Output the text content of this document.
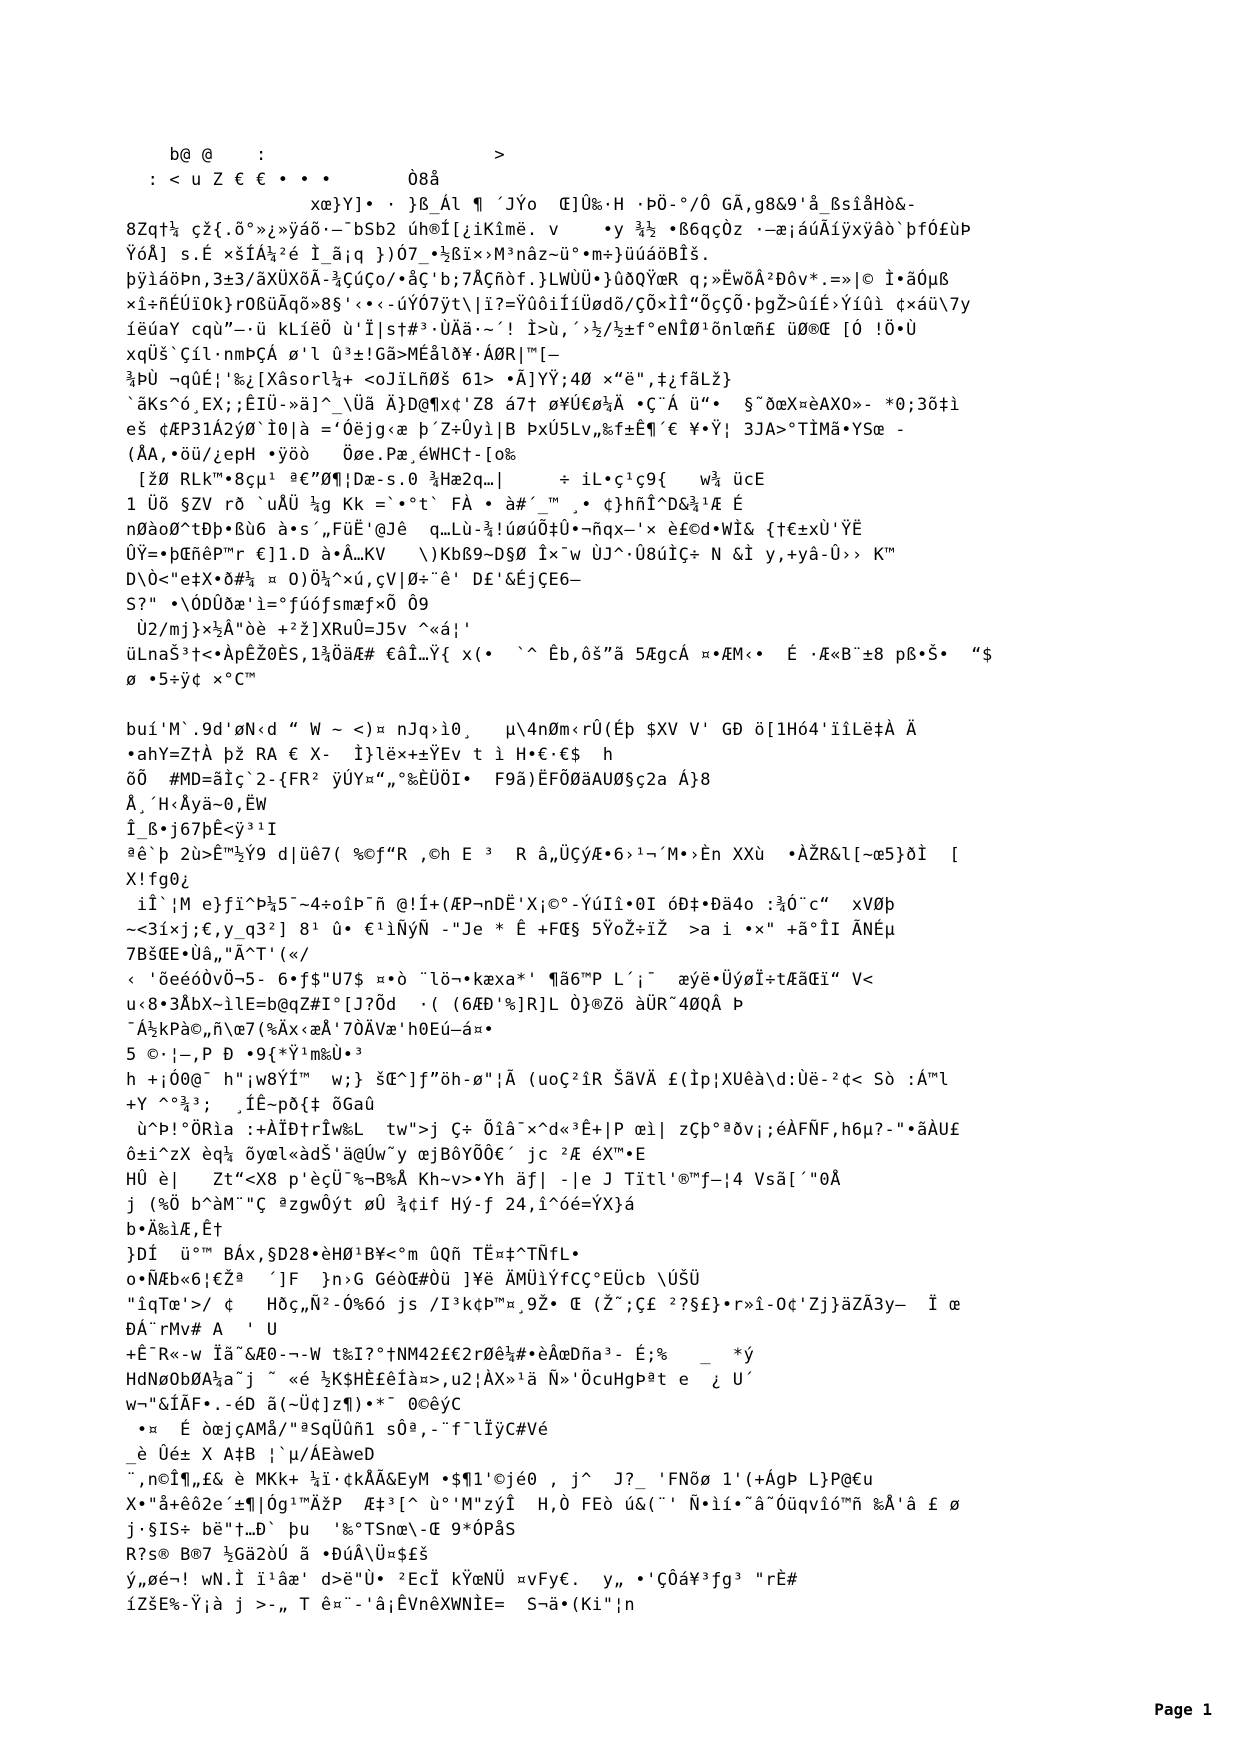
b@ @    :                     >
: < u Z € € • • •       Ò8å
xœ}Y]• · }ß_Ál ¶ ´JÝo  Œ]Û‰·H ·ÞÖ-°/Ô GÃ,g8&9'å_ßsîåHò&-
8Zq†¼ çž{.õ°»¿»ÿáõ·–¯bSb2 úh®Í[¿iKîmë. v    •y ¾½ •ß6qçÒz ·–æ¡áúÃíÿxÿâò`þfÓ£ùÞ
ŸóÅ] s.É ×šÍÁ¼²é Ì_ã¡q })Ó7_•½ßï×›M³nâz~ü°•m÷}üúáöBÎš.
þÿìáöÞn,3±3/ãXÜXõÃ-¾ÇúÇo/•åÇ'b;7ÅÇñòf.}LWÙÜ•}ûðQŸœR q;»ËwõÂ²Ðôv*.=»|© Ì•ãÓµß
×î÷ñÉÚïOk}rOßüÃqõ»8§'‹•‹-úÝÓ7ÿt\|ï?=ŸûôiÍíÜødõ/ÇÕ×ÌÎ“ÕçÇÕ·þgŽ>ûíÉ›Ýíûì ¢×áü\7y
íëúaY cqù”–·ü kLíëÖ ù'Ï|s†#³·ÙÄä·~´! Ì>ù,´›½/½±f°eNÎØ¹õnlœñ£ üØ®Œ [Ó !Ö•Ù
xqÜš`Çíl·nmÞÇÁ ø'l û³±!Gã>MÉålð¥·ÁØR|™[—
¾ÞÙ ¬qûÉ¦'‰¿[Xâsorl¼+ <oJïLñØš 61> •Ã]YŸ;4Ø ×“ë",‡¿fãLž}
`ãKs^ó¸EX;;ÊIÜ-»ä]^_\Üã Ä}D@¶x¢'Z8 á7† ø¥Ú€ø¼Ä •Ç¨Á ü“•  §˜ðœX¤èAXO»- *0;3õ‡ì
eš ¢ÆP31Á2ýØ`Ì0|à =‘Óëjg‹æ þ´Z÷Ûyì|B ÞxÚ5Lv„‰f±Ê¶´€ ¥•Ÿ¦ 3JA>°TÌMã•YSœ -
(ÅA,•öü/¿epH •ÿöò   Öøe.Pæ¸éWHC†-[o‰
[žØ RLk™•8çµ¹ ª€”Ø¶¦Dæ-s.0 ¾Hæ2q…|     ÷ iL•ç¹ç9{   w¾ ücE
1 Üõ §ZV rð `uÅÜ ¼g Kk =`•°t` FÀ • à#´_™ ¸• ¢}hñÎ^D&¾¹Æ É
nØàoØ^tÐþ•ßù6 à•s´„FüË'@Jê  q…Lù-¾!úøúÕ‡Û•¬ñqx–'× è£©d•WÌ& {†€±xÙ'ŸË
ÛŸ=•þŒñêP™r €]1.D à•Â…KV   \)Kbß9~D§Ø Î×¯w ÙJ^·Û8úÌÇ÷ N &Ì y,+yâ-Û›› K™
D\Ò<"e‡X•ð#¼ ¤ O)Ö¼^×ú,çV|Ø÷¨ê' D£'&ÉjÇE6–
S?" •\ÓDÛðæ'ì=°ƒúóƒsmæƒ×Õ Ô9
Ù2/mj}×½Â"òè +²ž]XRuÛ=J5v ^«á¦'
üLnaŠ³†<•ÀpÊŽ0ÈS,1¾ÖäÆ# €âÎ…Ÿ{ x(•  `^ Êb,ôš”ã 5ÆgcÁ ¤•ÆM‹•  É ·Æ«B¨±8 pß•Š•  “$
ø •5÷ÿ¢ ×°C™
buí'M`.9d'øN‹d “ W ~ <)¤ nJq›ì0¸   µ\4nØm‹rÛ(Éþ $XV V' GÐ ö[1Hó4'ïîLë‡À Ä
•ahY=Z†À þž RA € X-  Ì}lë×+±ŸEv t ì H•€·€$  h
õÕ  #MD=ãÌç`2-{FR² ÿÚY¤“„°‰ÈÜÖI•  F9ã)ËFÕØäAUØ§ç2a Á}8
Å¸´H‹Åyä~0,ËW
Î_ß•j67þÊ<ÿ³¹I
ªê`þ 2ù>Ê™½Ý9 d|üê7( %©ƒ“R ,©h E ³  R â„ÜÇýÆ•6›¹¬´M•›Èn XXù  •ÀŽR&l[~œ5}ðÌ  [
X!fg0¿
iÎ`¦M e}ƒï^Þ¼5¯~4÷oîÞ¯ñ @!Í+(ÆP¬nDË'X¡©°-ÝúIî•0I óÐ‡•Ðä4o :¾Ó¨c“  xVØþ
~<3í×j;€,y_q3²] 8¹ û• €¹ìÑýÑ -"Je * Ê +FŒ§ 5ŸoŽ÷ïŽ  >a i •×" +ã°ÎI ÃNÉµ
7BšŒE•Ùâ„"Ã^T'(«/
‹ 'õeéóÒvÖ¬5- 6•ƒ$"U7$ ¤•ò ¨lö¬•kæxa*' ¶ã6™P L´¡¯  æýë•ÜýøÏ÷tÆãŒï“ V<
u‹8•3ÅbX~ìlE=b@qZ#I°[J?Õd  ·( (6ÆÐ'%]R]L Ò}®Zö àÜR˜4ØQÂ Þ
¯Á½kPà©„ñ\œ7(%Äx‹æÅ'7ÒÄVæ'h0Eú—á¤•
5 ©·¦—,P Ð •9{*Ÿ¹m‰Ù•³
h +¡Ó0@¯ h"¡w8ÝÍ™  w;} šŒ^]ƒ”öh-ø"¦Ã (uoÇ²îR ŠãVÄ £(Ìp¦XUêà\d:Ùë-²¢< Sò :Á™l
+Y ^°¾³;  ¸ÍÊ~pð{‡ õGaû
ù^Þ!°ÖRìa :+ÀÏÐ†rÎw‰L  tw">j Ç÷ Õîâ¯×^d«³Ê+|P œì| zÇþ°ªðv¡;éÀFÑF,h6µ?-"•ãÀU£
ô±i^zX èq¼ õyœl«àdŠ'ä@Úw˜y œjBôYÕÔ€´ jc ²Æ éX™•E
HÛ è|   Zt“<X8 p'èçÜ¯%¬B%Å Kh~v>•Yh äƒ| -|e J Tïtl'®™ƒ—¦4 Vsã[´"0Å
j (%Ö b^àM¨"Ç ªzgwÔýt øÛ ¾¢if Hý-ƒ 24,î^óé=ÝX}á
b•Ä‰ìÆ,Ê†
}DÍ  ü°™ BÁx,§D28•èHØ¹B¥<°m ûQñ TË¤‡^TÑfL•
o•ÑÆb«6¦€Žª  ´]F  }n›G GéòŒ#Òü ]¥ë ÄMÜìÝfCÇ°EÜcb \ÚŠÜ
"îqTœ'>/ ¢   Hðç„Ñ²-Ó%6ó js /I³k¢Þ™¤¸9Ž• Œ (Ž˜;Ç£ ²?§£}•r»î-O¢'Zj}äZÃ3y—  Ï œ
ÐÁ¨rMv# A  ' U
+Ê¯R«-w Ïã˜&Æ0-¬-W t‰I?°†NM42£€2rØê¼#•èÂœDña³- É;%   _  *ý
HdNøObØA¼a˜j ˜ «é ½K$HÈ£êÍà¤>,u2¦ÀX»¹ä Ñ»'ÖcuHgÞªt e  ¿ U´
w¬"&ÍÃF•.-éD ã(~Ü¢]z¶)•*¯ 0©êýC
•¤  É òœjçAMå/"ªSqÜûñ1 sÔª,-¨f¯lÏÿC#Vé
_è Ûé± X A‡B ¦`µ/ÁEàweD
¨,n©Î¶„£& è MKk+ ¼ï·¢kÅÃ&EyM •$¶1'©jé0 , j^  J?_ 'FNõø 1'(+ÁgÞ L}P@€u
X•"å+êô2e´±¶|Óg¹™ÄžP  Æ‡³[^ ù°'M"zýÎ  H,Ò FEò ú&(¨' Ñ•ìí•˜â˜Óüqvîó™ñ ‰Å'â £ ø
j·§IS÷ bë"†…Ð` þu  '‰°TSnœ\-Œ 9*ÓPåS
R?s® B®7 ½Gä2òÚ ã •ÐúÂ\Ü¤$£š
ý„øé¬! wN.Ì ï¹âæ' d>ë"Ù• ²EcÏ kŸœNÜ ¤vFy€.  y„ •'ÇÔá¥³ƒg³ "rÈ#
íZšE%-Ÿ¡à j >-„ T ê¤¨-'â¡ÊVnêXWNÌE=  S¬ä•(Ki"¦n
Page 1
